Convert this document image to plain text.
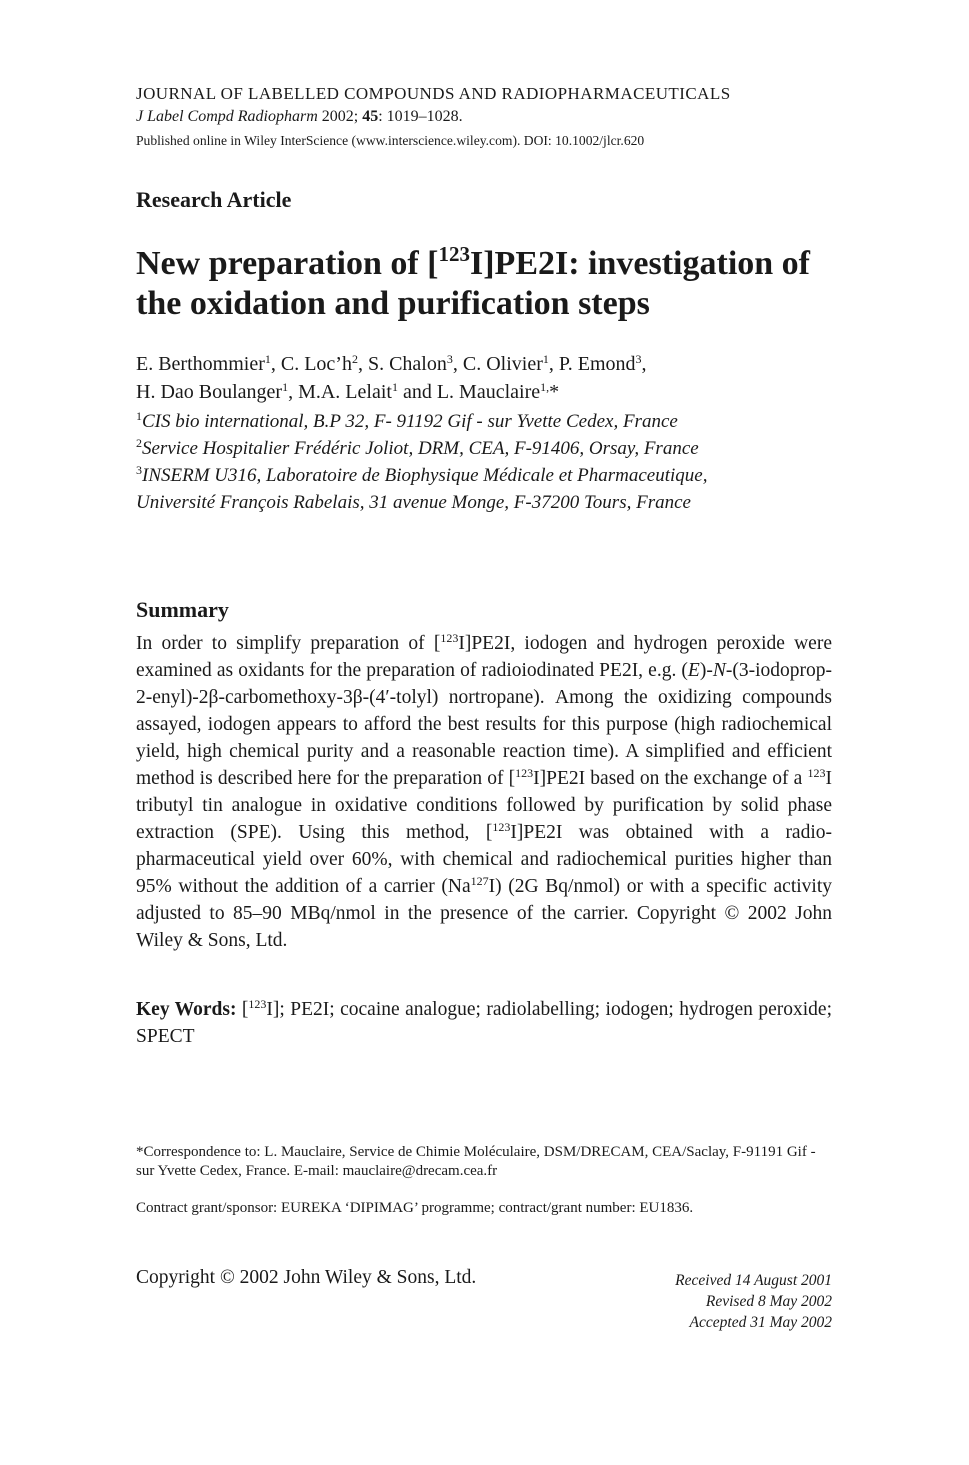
JOURNAL OF LABELLED COMPOUNDS AND RADIOPHARMACEUTICALS
J Label Compd Radiopharm 2002; 45: 1019–1028.
Published online in Wiley InterScience (www.interscience.wiley.com). DOI: 10.1002/jlcr.620
Research Article
New preparation of [$^{123}$I]PE2I: investigation of the oxidation and purification steps
E. Berthommier$^1$, C. $Loc’h^2$, S. Chalon$^3$, C. Olivier$^1$, P. Emond$^3$,
H. Dao Boulanger$^1$, M.A. Lelait$^1$ and L. Mauclaire$^{1,}$*
$^1$CIS bio international, B.P 32, F- 91192 Gif - sur Yvette Cedex, France
$^2$Service Hospitalier Frédéric Joliot, DRM, CEA, F-91406, Orsay, France
$^3$INSERM U316, Laboratoire de Biophysique Médicale et Pharmaceutique,
Université François Rabelais, 31 avenue Monge, F-37200 Tours, France
Summary
In order to simplify preparation of [$^{123}$I]PE2I, iodogen and hydrogen peroxide were examined as oxidants for the preparation of radioiodinated PE2I, e.g. (E)-N-(3-iodoprop-2-enyl)-2β-carbomethoxy-3β-(4′-tolyl) nortropane). Among the oxidizing compounds assayed, iodogen appears to afford the best results for this purpose (high radiochemical yield, high chemical purity and a reasonable reaction time). A simplified and efficient method is described here for the preparation of [$^{123}$I]PE2I based on the exchange of a $^{123}$I tributyl tin analogue in oxidative conditions followed by purification by solid phase extraction (SPE). Using this method, [$^{123}$I]PE2I was obtained with a radio-pharmaceutical yield over 60%, with chemical and radiochemical purities higher than 95% without the addition of a carrier (Na$^{127}$I) (2G Bq/nmol) or with a specific activity adjusted to 85–90 MBq/nmol in the presence of the carrier. Copyright © 2002 John Wiley & Sons, Ltd.
Key Words: [$^{123}$I]; PE2I; cocaine analogue; radiolabelling; iodogen; hydrogen peroxide; SPECT
*Correspondence to: L. Mauclaire, Service de Chimie Moléculaire, DSM/DRECAM, CEA/Saclay, F-91191 Gif - sur Yvette Cedex, France. E-mail: mauclaire@drecam.cea.fr
Contract grant/sponsor: EUREKA ‘DIPIMAG’ programme; contract/grant number: EU1836.
Copyright © 2002 John Wiley & Sons, Ltd.	Received 14 August 2001
Revised 8 May 2002
Accepted 31 May 2002
